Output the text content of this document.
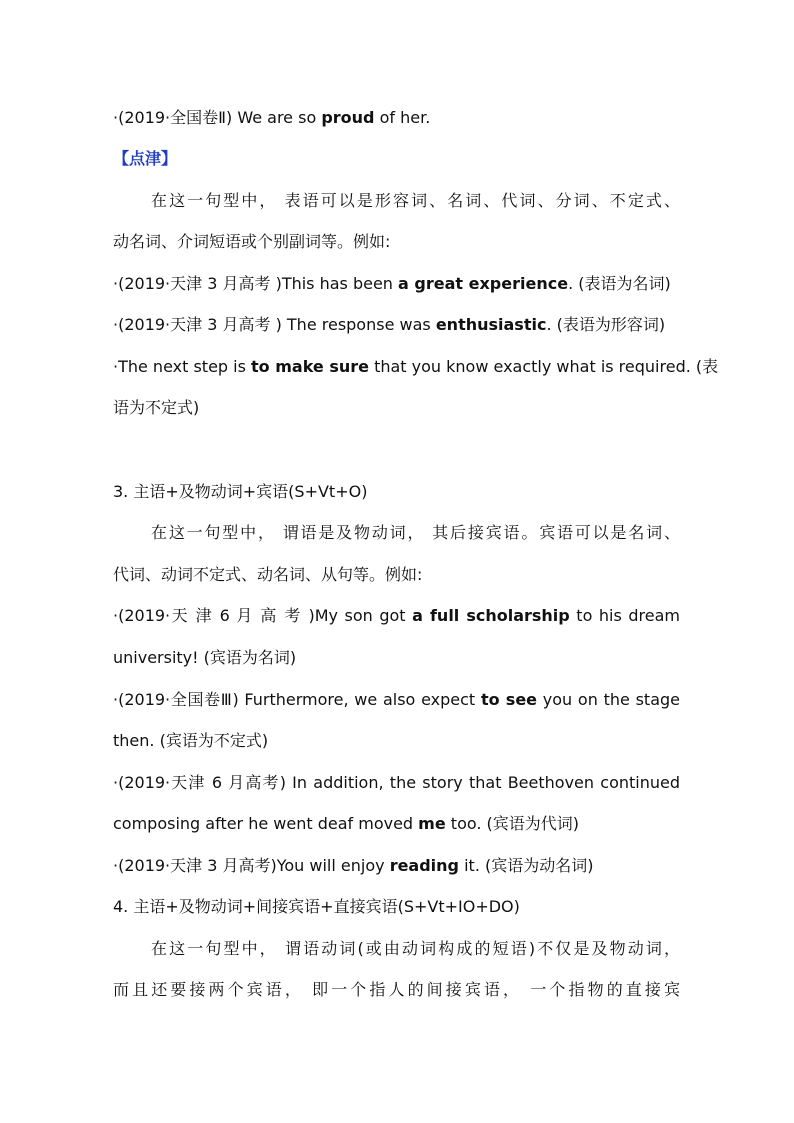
·(2019·全国卷Ⅱ) We are so proud of her.
【点津】
在这一句型中， 表语可以是形容词、名词、代词、分词、不定式、
动名词、介词短语或个别副词等。例如:
·(2019·天津 3 月高考 )This has been a great experience. (表语为名词)
·(2019·天津 3 月高考 ) The response was enthusiastic. (表语为形容词)
·The next step is to make sure that you know exactly what is required. (表
语为不定式)
3. 主语+及物动词+宾语(S+Vt+O)
在这一句型中， 谓语是及物动词， 其后接宾语。宾语可以是名词、
代词、动词不定式、动名词、从句等。例如:
·(2019·天 津 6 月 高 考 )My son got a full scholarship to his dream
university! (宾语为名词)
·(2019·全国卷Ⅲ) Furthermore, we also expect to see you on the stage
then. (宾语为不定式)
·(2019·天津 6 月高考) In addition, the story that Beethoven continued
composing after he went deaf moved me too. (宾语为代词)
·(2019·天津 3 月高考)You will enjoy reading it. (宾语为动名词)
4. 主语+及物动词+间接宾语+直接宾语(S+Vt+IO+DO)
在这一句型中， 谓语动词(或由动词构成的短语)不仅是及物动词，
而且还要接两个宾语， 即一个指人的间接宾语， 一个指物的直接宾
